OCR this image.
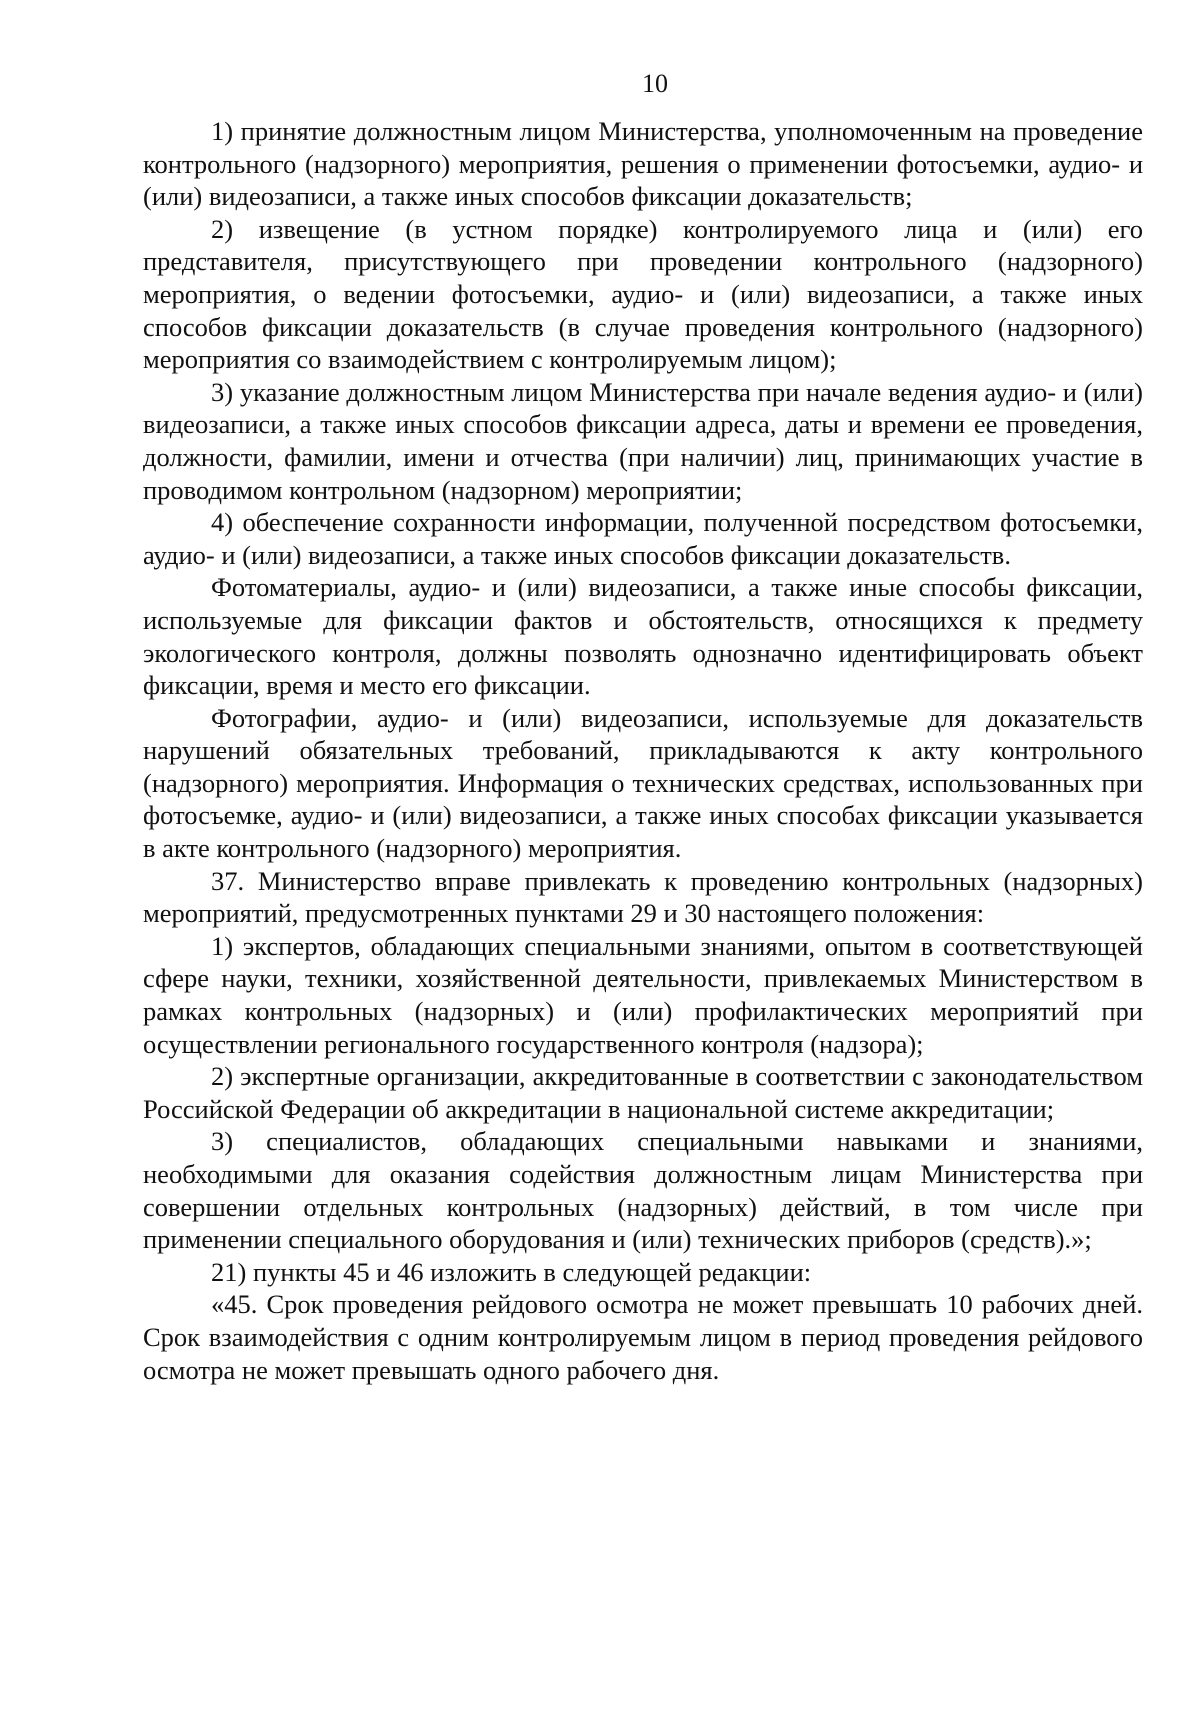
10

1) принятие должностным лицом Министерства, уполномоченным на проведение контрольного (надзорного) мероприятия, решения о применении фотосъемки, аудио- и (или) видеозаписи, а также иных способов фиксации доказательств;

2) извещение (в устном порядке) контролируемого лица и (или) его представителя, присутствующего при проведении контрольного (надзорного) мероприятия, о ведении фотосъемки, аудио- и (или) видеозаписи, а также иных способов фиксации доказательств (в случае проведения контрольного (надзорного) мероприятия со взаимодействием с контролируемым лицом);

3) указание должностным лицом Министерства при начале ведения аудио- и (или) видеозаписи, а также иных способов фиксации адреса, даты и времени ее проведения, должности, фамилии, имени и отчества (при наличии) лиц, принимающих участие в проводимом контрольном (надзорном) мероприятии;

4) обеспечение сохранности информации, полученной посредством фотосъемки, аудио- и (или) видеозаписи, а также иных способов фиксации доказательств.

Фотоматериалы, аудио- и (или) видеозаписи, а также иные способы фиксации, используемые для фиксации фактов и обстоятельств, относящихся к предмету экологического контроля, должны позволять однозначно идентифицировать объект фиксации, время и место его фиксации.

Фотографии, аудио- и (или) видеозаписи, используемые для доказательств нарушений обязательных требований, прикладываются к акту контрольного (надзорного) мероприятия. Информация о технических средствах, использованных при фотосъемке, аудио- и (или) видеозаписи, а также иных способах фиксации указывается в акте контрольного (надзорного) мероприятия.

37. Министерство вправе привлекать к проведению контрольных (надзорных) мероприятий, предусмотренных пунктами 29 и 30 настоящего положения:

1) экспертов, обладающих специальными знаниями, опытом в соответствующей сфере науки, техники, хозяйственной деятельности, привлекаемых Министерством в рамках контрольных (надзорных) и (или) профилактических мероприятий при осуществлении регионального государственного контроля (надзора);

2) экспертные организации, аккредитованные в соответствии с законодательством Российской Федерации об аккредитации в национальной системе аккредитации;

3) специалистов, обладающих специальными навыками и знаниями, необходимыми для оказания содействия должностным лицам Министерства при совершении отдельных контрольных (надзорных) действий, в том числе при применении специального оборудования и (или) технических приборов (средств).»;

21) пункты 45 и 46 изложить в следующей редакции:

«45. Срок проведения рейдового осмотра не может превышать 10 рабочих дней. Срок взаимодействия с одним контролируемым лицом в период проведения рейдового осмотра не может превышать одного рабочего дня.
